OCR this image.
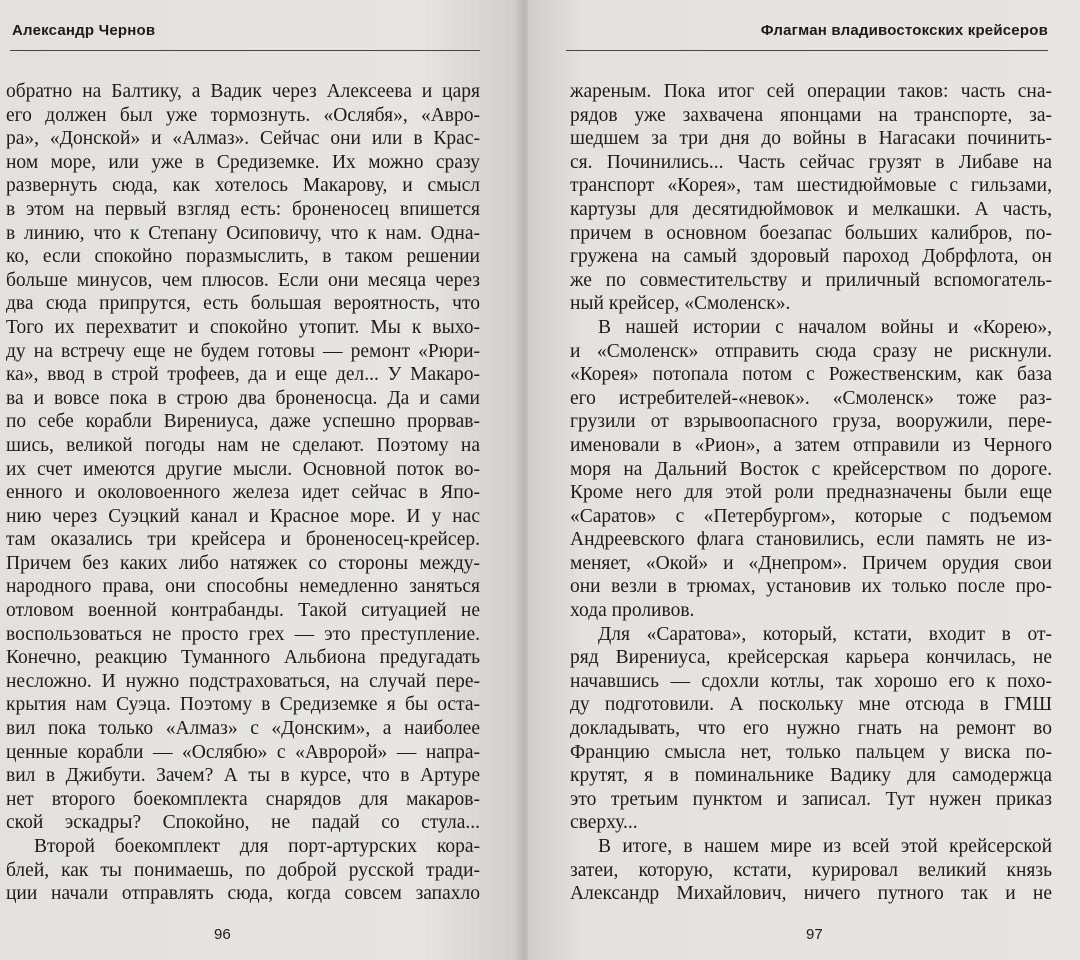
Александр Чернов
обратно на Балтику, а Вадик через Алексеева и царя
его должен был уже тормознуть. «Ослябя», «Авро-
ра», «Донской» и «Алмаз». Сейчас они или в Крас-
ном море, или уже в Средиземке. Их можно сразу
развернуть сюда, как хотелось Макарову, и смысл
в этом на первый взгляд есть: броненосец впишется
в линию, что к Степану Осиповичу, что к нам. Одна-
ко, если спокойно поразмыслить, в таком решении
больше минусов, чем плюсов. Если они месяца через
два сюда припрутся, есть большая вероятность, что
Того их перехватит и спокойно утопит. Мы к выхо-
ду на встречу еще не будем готовы — ремонт «Рюри-
ка», ввод в строй трофеев, да и еще дел... У Макаро-
ва и вовсе пока в строю два броненосца. Да и сами
по себе корабли Вирениуса, даже успешно прорвав-
шись, великой погоды нам не сделают. Поэтому на
их счет имеются другие мысли. Основной поток во-
енного и околовоенного железа идет сейчас в Япо-
нию через Суэцкий канал и Красное море. И у нас
там оказались три крейсера и броненосец-крейсер.
Причем без каких либо натяжек со стороны между-
народного права, они способны немедленно заняться
отловом военной контрабанды. Такой ситуацией не
воспользоваться не просто грех — это преступление.
Конечно, реакцию Туманного Альбиона предугадать
несложно. И нужно подстраховаться, на случай пере-
крытия нам Суэца. Поэтому в Средиземке я бы оста-
вил пока только «Алмаз» с «Донским», а наиболее
ценные корабли — «Ослябю» с «Авророй» — напра-
вил в Джибути. Зачем? А ты в курсе, что в Артуре
нет второго боекомплекта снарядов для макаров-
ской эскадры? Спокойно, не падай со стула...
Второй боекомплект для порт-артурских кора-
блей, как ты понимаешь, по доброй русской тради-
ции начали отправлять сюда, когда совсем запахло
96
Флагман владивостокских крейсеров
жареным. Пока итог сей операции таков: часть сна-
рядов уже захвачена японцами на транспорте, за-
шедшем за три дня до войны в Нагасаки починить-
ся. Починились... Часть сейчас грузят в Либаве на
транспорт «Корея», там шестидюймовые с гильзами,
картузы для десятидюймовок и мелкашки. А часть,
причем в основном боезапас больших калибров, по-
гружена на самый здоровый пароход Добрфлота, он
же по совместительству и приличный вспомогатель-
ный крейсер, «Смоленск».
В нашей истории с началом войны и «Корею»,
и «Смоленск» отправить сюда сразу не рискнули.
«Корея» потопала потом с Рожественским, как база
его истребителей-«невок». «Смоленск» тоже раз-
грузили от взрывоопасного груза, вооружили, пере-
именовали в «Рион», а затем отправили из Черного
моря на Дальний Восток с крейсерством по дороге.
Кроме него для этой роли предназначены были еще
«Саратов» с «Петербургом», которые с подъемом
Андреевского флага становились, если память не из-
меняет, «Окой» и «Днепром». Причем орудия свои
они везли в трюмах, установив их только после про-
хода проливов.
Для «Саратова», который, кстати, входит в от-
ряд Вирениуса, крейсерская карьера кончилась, не
начавшись — сдохли котлы, так хорошо его к похо-
ду подготовили. А поскольку мне отсюда в ГМШ
докладывать, что его нужно гнать на ремонт во
Францию смысла нет, только пальцем у виска по-
крутят, я в поминальнике Вадику для самодержца
это третьим пунктом и записал. Тут нужен приказ
сверху...
В итоге, в нашем мире из всей этой крейсерской
затеи, которую, кстати, курировал великий князь
Александр Михайлович, ничего путного так и не
97
